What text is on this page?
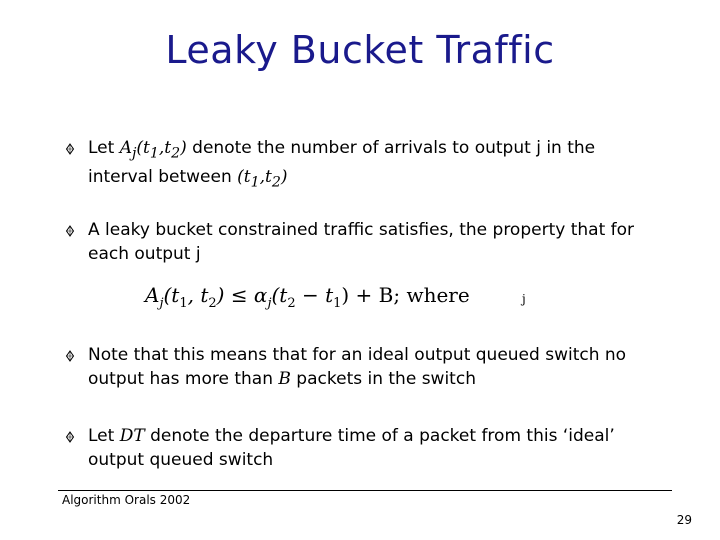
Leaky Bucket Traffic
Let $A_j(t_1,t_2)$ denote the number of arrivals to output j in the interval between $(t_1,t_2)$
A leaky bucket constrained traffic satisfies, the property that for each output j
$A_j(t_1$, $t_2) \le \alpha_j(t_2 - t_1) + B$; where	j
Note that this means that for an ideal output queued switch no output has more than B packets in the switch
Let DT denote the departure time of a packet from this ‘ideal’ output queued switch
Algorithm Orals 2002
29
